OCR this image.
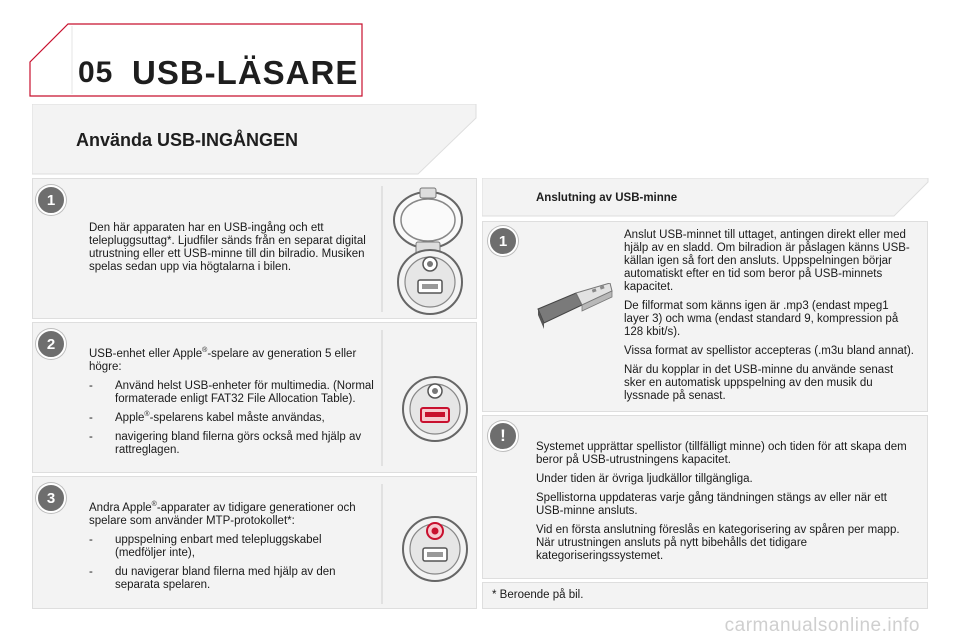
05 USB-LÄSARE
Använda USB-INGÅNGEN
1

Den här apparaten har en USB-ingång och ett telepluggsuttag*. Ljudfiler sänds från en separat digital utrustning eller ett USB-minne till din bilradio. Musiken spelas sedan upp via högtalarna i bilen.

2

USB-enhet eller Apple®-spelare av generation 5 eller högre:

-	Använd helst USB-enheter för multimedia. (Normal formaterade enligt FAT32 File Allocation Table).
-	Apple®-spelarens kabel måste användas,
-	navigering bland filerna görs också med hjälp av rattreglagen.
3

Andra Apple®-apparater av tidigare generationer och spelare som använder MTP-protokollet*:

-	uppspelning enbart med telepluggskabel (medföljer inte),
-	du navigerar bland filerna med hjälp av den separata spelaren.
Anslutning av USB-minne
1	Anslut USB-minnet till uttaget, antingen direkt eller med hjälp av en sladd. Om bilradion är påslagen känns USB-källan igen så fort den ansluts. Uppspelningen börjar automatiskt efter en tid som beror på USB-minnets kapacitet.

De filformat som känns igen är .mp3 (endast mpeg1 layer 3) och wma (endast standard 9, kompression på 128 kbit/s).

Vissa format av spellistor accepteras (.m3u bland annat).

När du kopplar in det USB-minne du använde senast sker en automatisk uppspelning av den musik du lyssnade på senast.

!

Systemet upprättar spellistor (tillfälligt minne) och tiden för att skapa dem beror på USB-utrustningens kapacitet.

Under tiden är övriga ljudkällor tillgängliga.

Spellistorna uppdateras varje gång tändningen stängs av eller när ett USB-minne ansluts.

Vid en första anslutning föreslås en kategorisering av spåren per mapp. När utrustningen ansluts på nytt bibehålls det tidigare kategoriseringssystemet.

* Beroende på bil.
carmanualsonline.info
